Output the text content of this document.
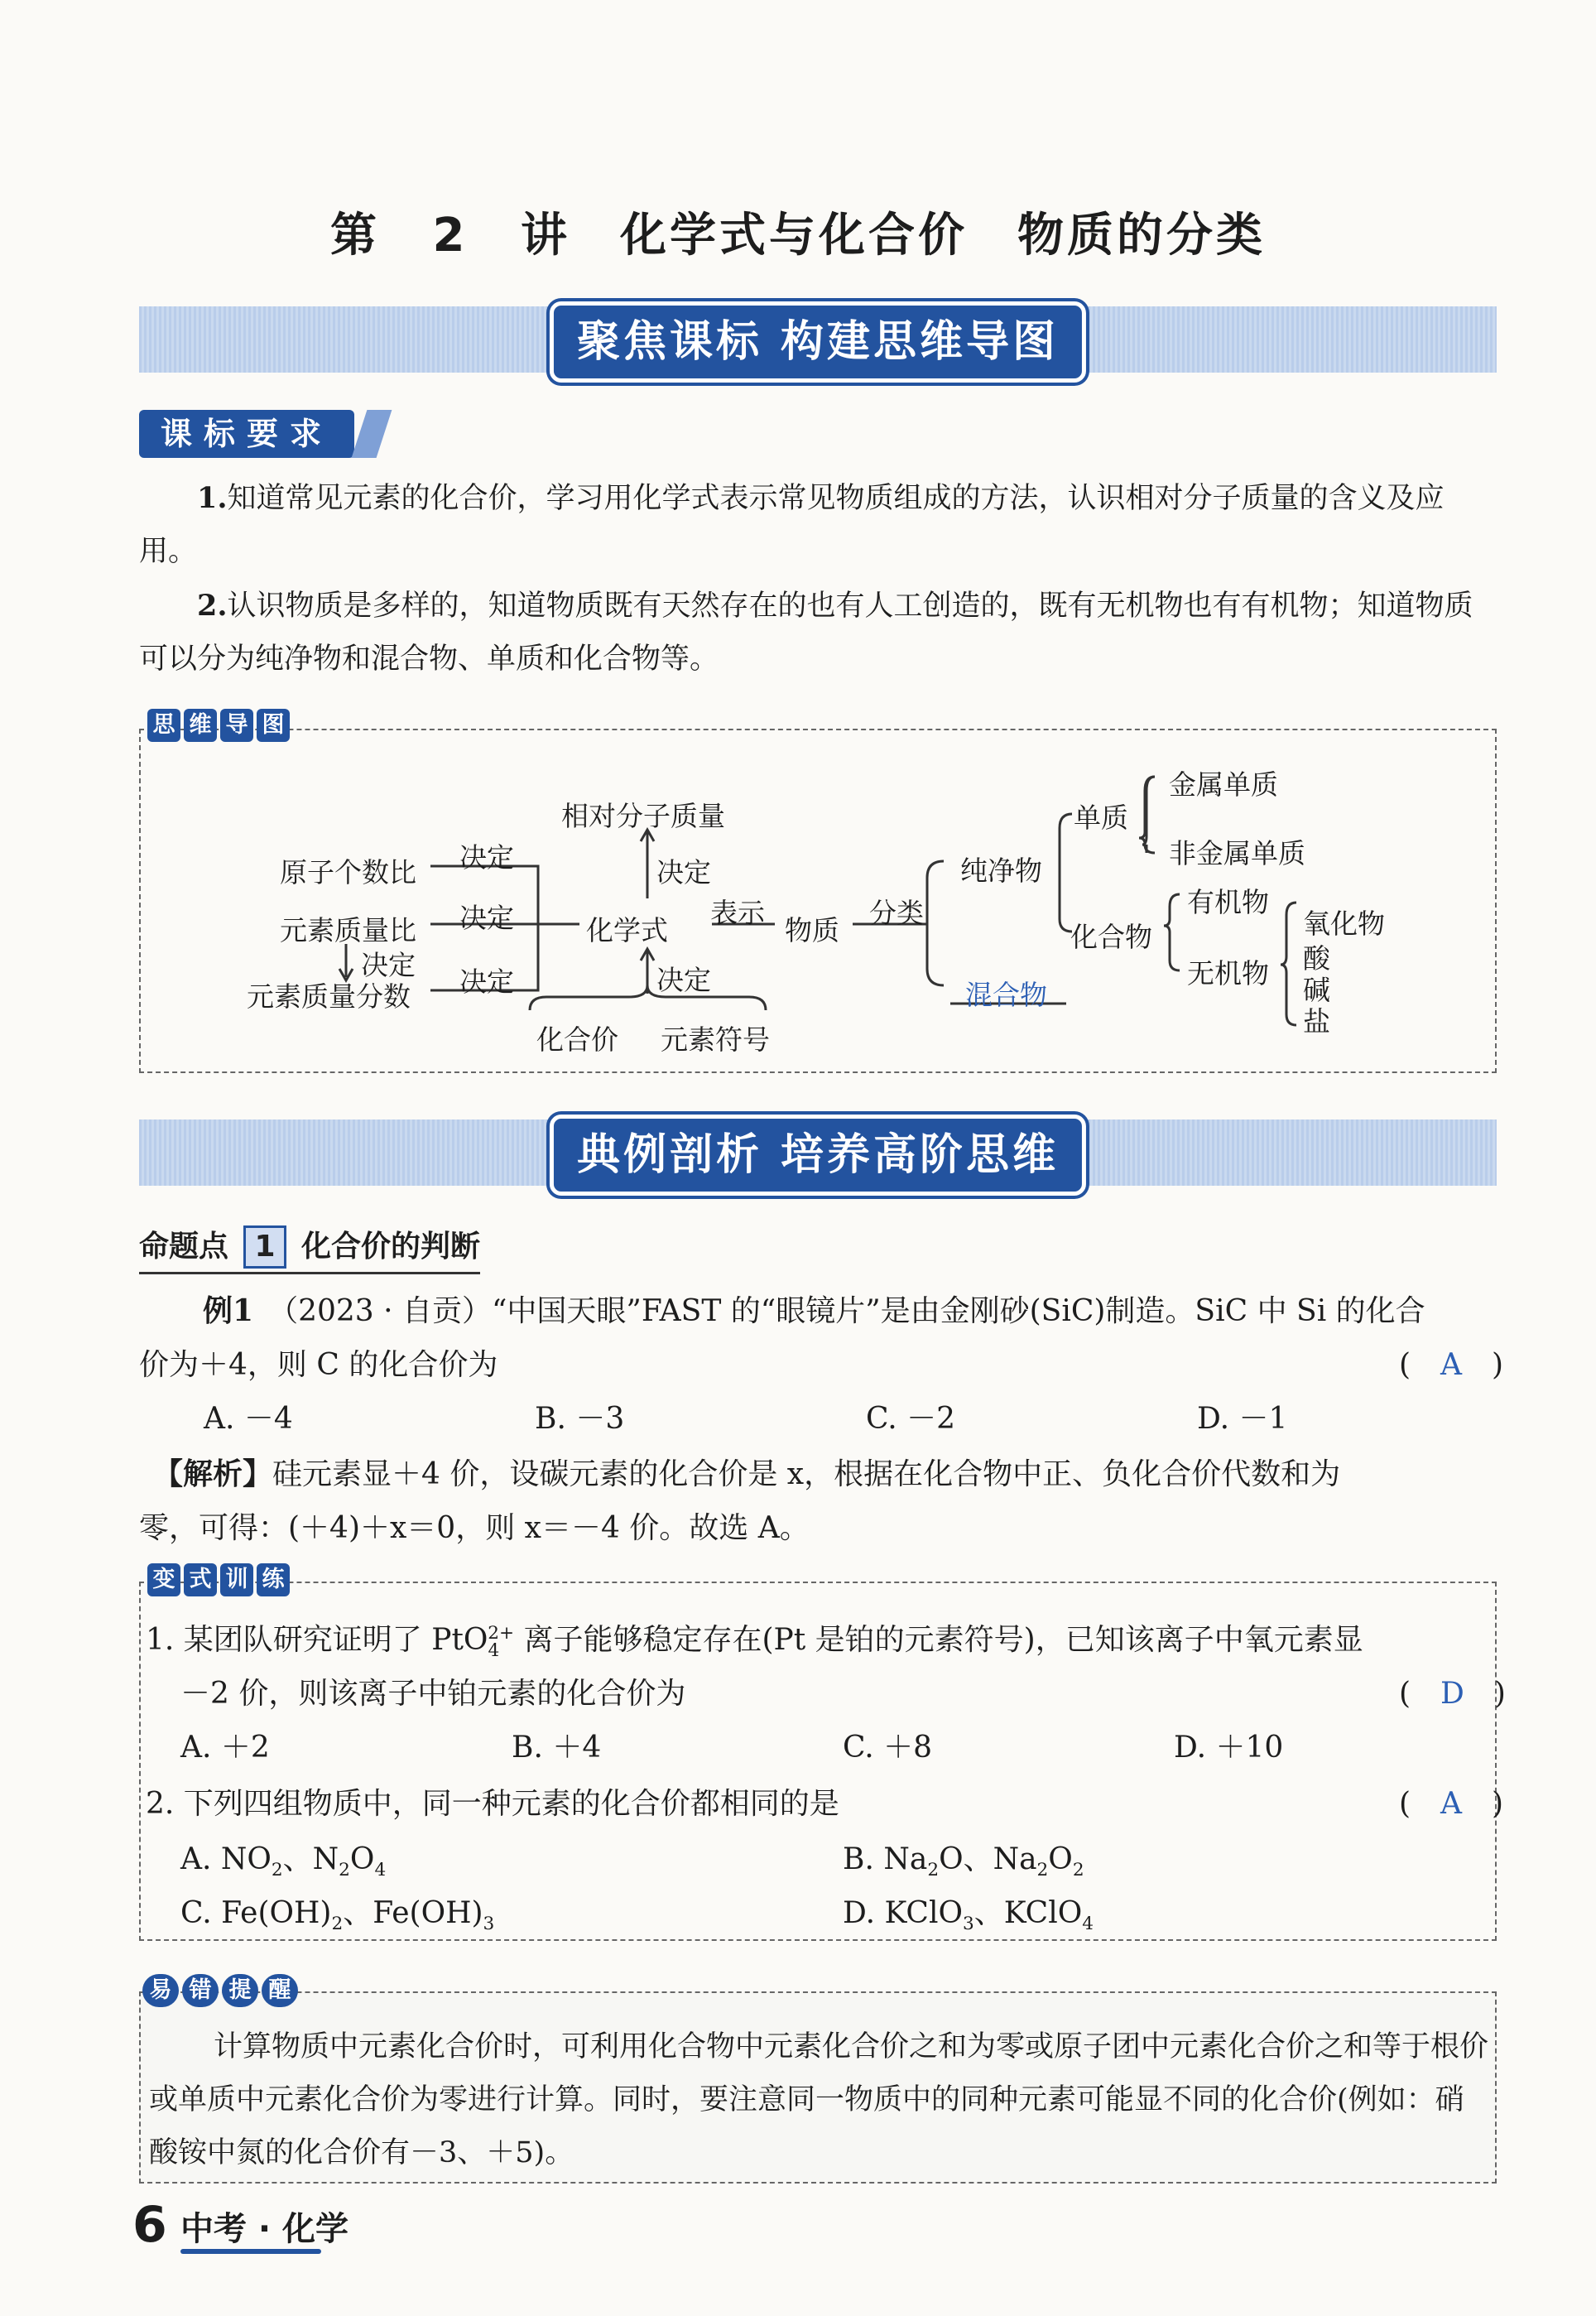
第 2 讲　化学式与化合价　物质的分类
聚焦课标 构建思维导图
课标要求
1.知道常见元素的化合价，学习用化学式表示常见物质组成的方法，认识相对分子质量的含义及应用。
2.认识物质是多样的，知道物质既有天然存在的也有人工创造的，既有无机物也有有机物；知道物质可以分为纯净物和混合物、单质和化合物等。
思 维 导 图
相对分子质量
原子个数比
元素质量比
元素质量分数
决定
决定
决定
决定
决定
决定
化学式
表示
物质
分类
化合价 元素符号
纯净物
混合物
单质
金属单质
非金属单质
化合物
有机物
无机物
氧化物
酸
碱
盐
典例剖析 培养高阶思维
命题点 1 化合价的判断
例1　 （2023 · 自贡）“中国天眼”FAST 的“眼镜片”是由金刚砂(SiC)制造。SiC 中 Si 的化合
价为＋4，则 C 的化合价为	(　A　)
A. －4	B. －3	C. －2	D. －1
【解析】硅元素显＋4 价，设碳元素的化合价是 x，根据在化合物中正、负化合价代数和为
零，可得：(＋4)＋x＝0，则 x＝－4 价。故选 A。
变 式 训 练
1. 某团队研究证明了 PtO$_4^{2+}$ 离子能够稳定存在(Pt 是铂的元素符号)，已知该离子中氧元素显
－2 价，则该离子中铂元素的化合价为	(　D　)
A. ＋2	B. ＋4	C. ＋8	D. ＋10
2. 下列四组物质中，同一种元素的化合价都相同的是	(　A　)
A. $NO_2$、$N_2O_4$	B. $Na_2O$、$Na_2O_2$
C. $Fe(OH)_2$、$Fe(OH)_3$	D. KClO$_3$、KClO$_4$
易 错 提 醒
计算物质中元素化合价时，可利用化合物中元素化合价之和为零或原子团中元素化合价之和等于根价或单质中元素化合价为零进行计算。同时，要注意同一物质中的同种元素可能显不同的化合价(例如：硝酸铵中氮的化合价有－3、＋5)。
6 中考 · 化学
